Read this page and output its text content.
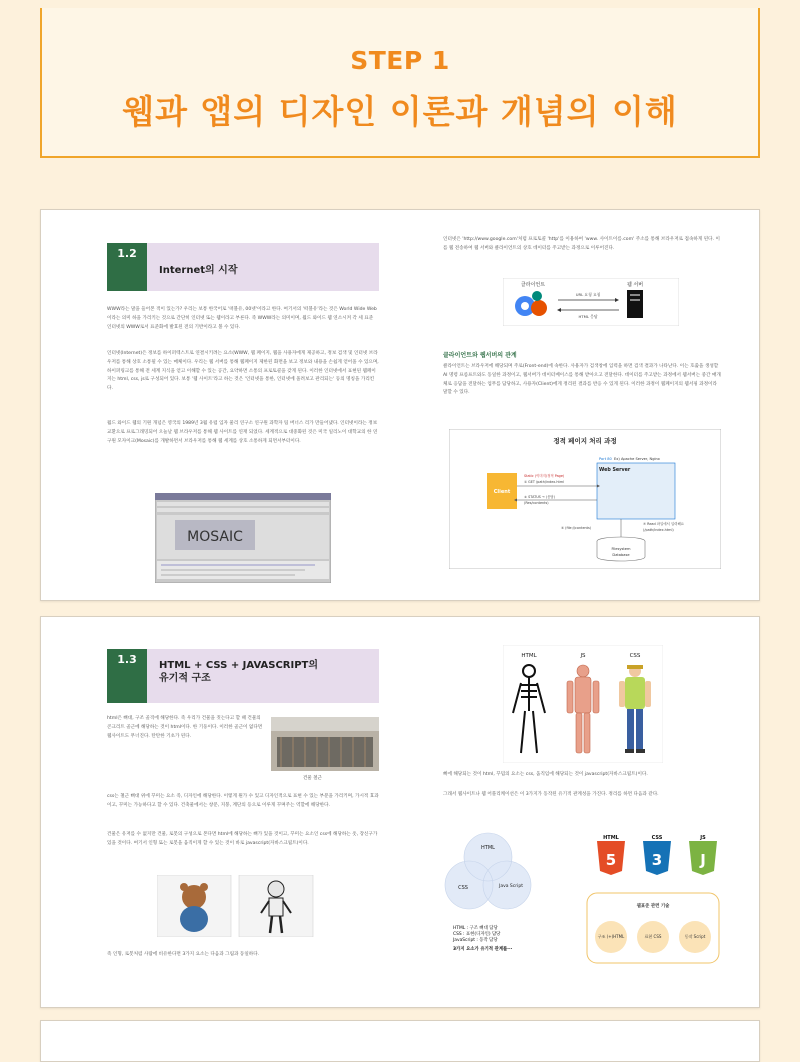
STEP 1
웹과 앱의 디자인 이론과 개념의 이해
1.2
Internet의 시작
WWW라는 말을 들어본 적이 있는가? 우리는 보통 한국어로 '떠블유, 00넷'이라고 한다. 여기서의 '떠블유'라는 것은 World Wide Web이라는 의미 하을 가리키는 것으로 간단히 인터넷 또는 웹이라고 부른다. 즉 WWW라는 의미이며, 월드 와이드 웹 연소시켜 각 세 표준 인터넷의 WWW로서 표준화에 발효된 전의 기반이라고 볼 수 있다.
인터넷(Internet)은 정보를 하이퍼텍스트로 연결시키려는 요소(WWW, 웹 페이지, 웹을 사용자에게 제공하고, 정보 검색 및 인터넷 브라우저를 통해 상호 소통될 수 있는 매체이다. 우리는 웹 서버를 통해 웹페이지 제한된 화면을 보고 정보와 내용을 손쉽게 얻어올 수 있으며, 하이퍼링크를 통해 전 세계 지식을 얻고 이해할 수 있는 공간, 요약하면 소통의 프로토콜을 갖게 된다. 이러한 인터넷에서 표현된 웹페이지는 html, css, js로 구성되어 있다. 보통 '웹 사이트'라고 하는 것은 '인터넷을 통한, 인터넷에 올려보고 관리되는' 등의 명칭을 가리킨다.
월드 와이드 웹의 기원 개념은 영국의 1989년 3월 유럽 입자 물리 연구소 연구원 과학자 팀 버너스 리가 만들어냈다. 인터넷이라는 정보 교환으로 프로그래밍되어 오늘날 웹 브라우저를 통해 웹 사이트를 연재 되었다. 세계적으로 대중화된 것은 미국 일리노이 대학교의 한 연구원 모자이크(Mosaic)를 개발하면서 브라우저를 통해 웹 세계를 상호 소통하게 되면서부터이다.
MOSAIC
인터넷은 'http://www.google.com'처럼 프로토콜 'http'를 이용하여 'www. 사이트이름.com' 주소를 통해 브라우저로 접속하게 된다. 이를 웹 전송하여 웹 서버와 클라이언트의 상호 데이터를 주고받는 과정으로 이루어진다.
클라이언트	웹 서버
URL 요청 요청
HTML 응답
클라이언트와 웹서버의 관계
클라이언트는 브라우저에 해당되며 주로(Front-end)에 속한다. 사용자가 검색창에 입력을 하면 검색 결과가 나타난다. 이는 호출을 생성할 AI 명령 프롬프트와도 동일한 과정이고, 웹서버가 데이터베이스를 통해 받아오고 전달한다. 데이터를 주고받는 과정에서 웹서버는 중간 매개체로 응답을 전달하는 업무를 담당하고, 사용자(Client)에게 정리된 결과를 반응 수 있게 된다. 이러한 과정이 웹페이지의 웹서핑 과정이라 말할 수 있다.
정적 페이지 처리 과정
Client
Port 80 Ex) Apache Server, Nginx
Web Server
Static (이미지/정적 Page)
① GET /path/index.html
② STATUS → (응답)
(Res/contents)
③ (file://contents)
⑦ Read 파일에서 입력해요
(/path/index.html)
Filesystem
Database
1.3	HTML + CSS + JAVASCRIPT의
유기적 구조
html은 뼈대, 구조 골격에 해당한다. 즉 우리가 건물을 짓는다고 할 때 건물의 콘크리트 골근에 해당하는 것이 html이다. 한 기둥이다. 이러한 골근이 없다면 웹사이트도 무너진다. 탄탄한 기초가 된다.
건물 철근
css는 철근 뼈대 위에 꾸미는 요소 즉, 디자인에 해당한다. 이렇게 뭔가 수 있고 디자인적으로 표현 수 있는 부분을 가리키며, 가시적 효과이고, 꾸미는 가능하다고 할 수 있다. 건축물에서는 창문, 지붕, 계단의 등으로 이루게 꾸며주는 역할에 해당한다.
건물은 유저를 수 없지만 건물, 로봇의 구성으로 본다면 html에 해당하는 뼈가 있을 것이고, 꾸미는 요소인 css에 해당하는 옷, 장신구가 있을 것이다. 여기서 인형 또는 로봇을 움직이게 할 수 있는 것이 바로 javascript(자바스크립트)이다.
즉 인형, 로봇처럼 사람에 비유한다면 3가지 요소는 다음과 그림과 동일하다.
HTML	JS	CSS
뼈에 해당되는 것이 html, 꾸밈의 요소는 css, 움직임에 해당되는 것이 javascript(자바스크립트)이다.
그래서 웹사이트나 웹 어플리케이션은 이 3가지가 동작된 유기적 관계성을 가진다. 정리를 하면 다음과 같다.
HTML
CSS	Java Script
HTML : 구조 뼈대 담당
CSS : 표현(디자인) 담당
JavaScript : 동작 담당
3가지 요소가 유기적 관계를···
HTML
5
CSS
3
JS
J
웹표준 관련 기술
구조 (+)HTML	표현 CSS	동작 Script
